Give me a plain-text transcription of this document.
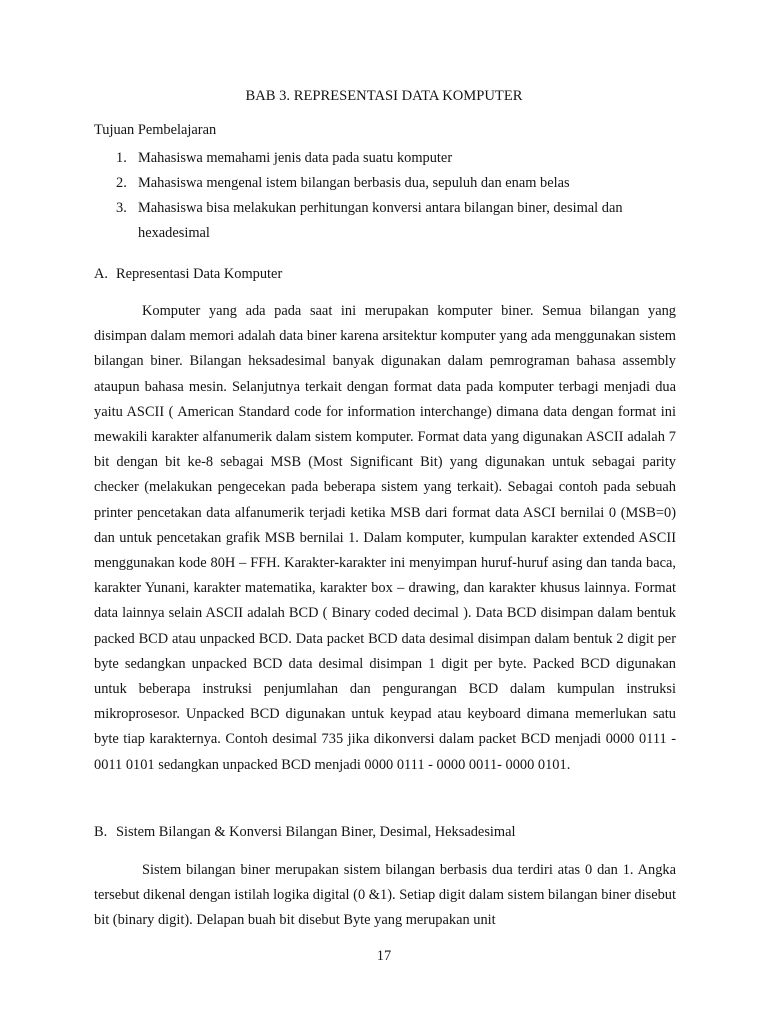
BAB 3. REPRESENTASI DATA KOMPUTER
Tujuan Pembelajaran
1. Mahasiswa memahami jenis data pada suatu komputer
2. Mahasiswa mengenal istem bilangan berbasis dua, sepuluh dan enam belas
3. Mahasiswa bisa melakukan perhitungan konversi antara bilangan biner, desimal dan hexadesimal
A. Representasi Data Komputer

Komputer yang ada pada saat ini merupakan komputer biner. Semua bilangan yang disimpan dalam memori adalah data biner karena arsitektur komputer yang ada menggunakan sistem bilangan biner. Bilangan heksadesimal banyak digunakan dalam pemrograman bahasa assembly ataupun bahasa mesin. Selanjutnya terkait dengan format data pada komputer terbagi menjadi dua yaitu ASCII ( American Standard code for information interchange) dimana data dengan format ini mewakili karakter alfanumerik dalam sistem komputer. Format data yang digunakan ASCII adalah 7 bit dengan bit ke-8 sebagai MSB (Most Significant Bit) yang digunakan untuk sebagai parity checker (melakukan pengecekan pada beberapa sistem yang terkait). Sebagai contoh pada sebuah printer pencetakan data alfanumerik terjadi ketika MSB dari format data ASCI bernilai 0 (MSB=0) dan untuk pencetakan grafik MSB bernilai 1. Dalam komputer, kumpulan karakter extended ASCII menggunakan kode 80H – FFH. Karakter-karakter ini menyimpan huruf-huruf asing dan tanda baca, karakter Yunani, karakter matematika, karakter box – drawing, dan karakter khusus lainnya. Format data lainnya selain ASCII adalah BCD ( Binary coded decimal ). Data BCD disimpan dalam bentuk packed BCD atau unpacked BCD. Data packet BCD data desimal disimpan dalam bentuk 2 digit per byte sedangkan unpacked BCD data desimal disimpan 1 digit per byte. Packed BCD digunakan untuk beberapa instruksi penjumlahan dan pengurangan BCD dalam kumpulan instruksi mikroprosesor. Unpacked BCD digunakan untuk keypad atau keyboard dimana memerlukan satu byte tiap karakternya. Contoh desimal 735 jika dikonversi dalam packet BCD menjadi 0000 0111 - 0011 0101 sedangkan unpacked BCD menjadi 0000 0111 - 0000 0011- 0000 0101.

B. Sistem Bilangan & Konversi Bilangan Biner, Desimal, Heksadesimal

Sistem bilangan biner merupakan sistem bilangan berbasis dua terdiri atas 0 dan 1. Angka tersebut dikenal dengan istilah logika digital (0 &1). Setiap digit dalam sistem bilangan biner disebut bit (binary digit). Delapan buah bit disebut Byte yang merupakan unit

17
